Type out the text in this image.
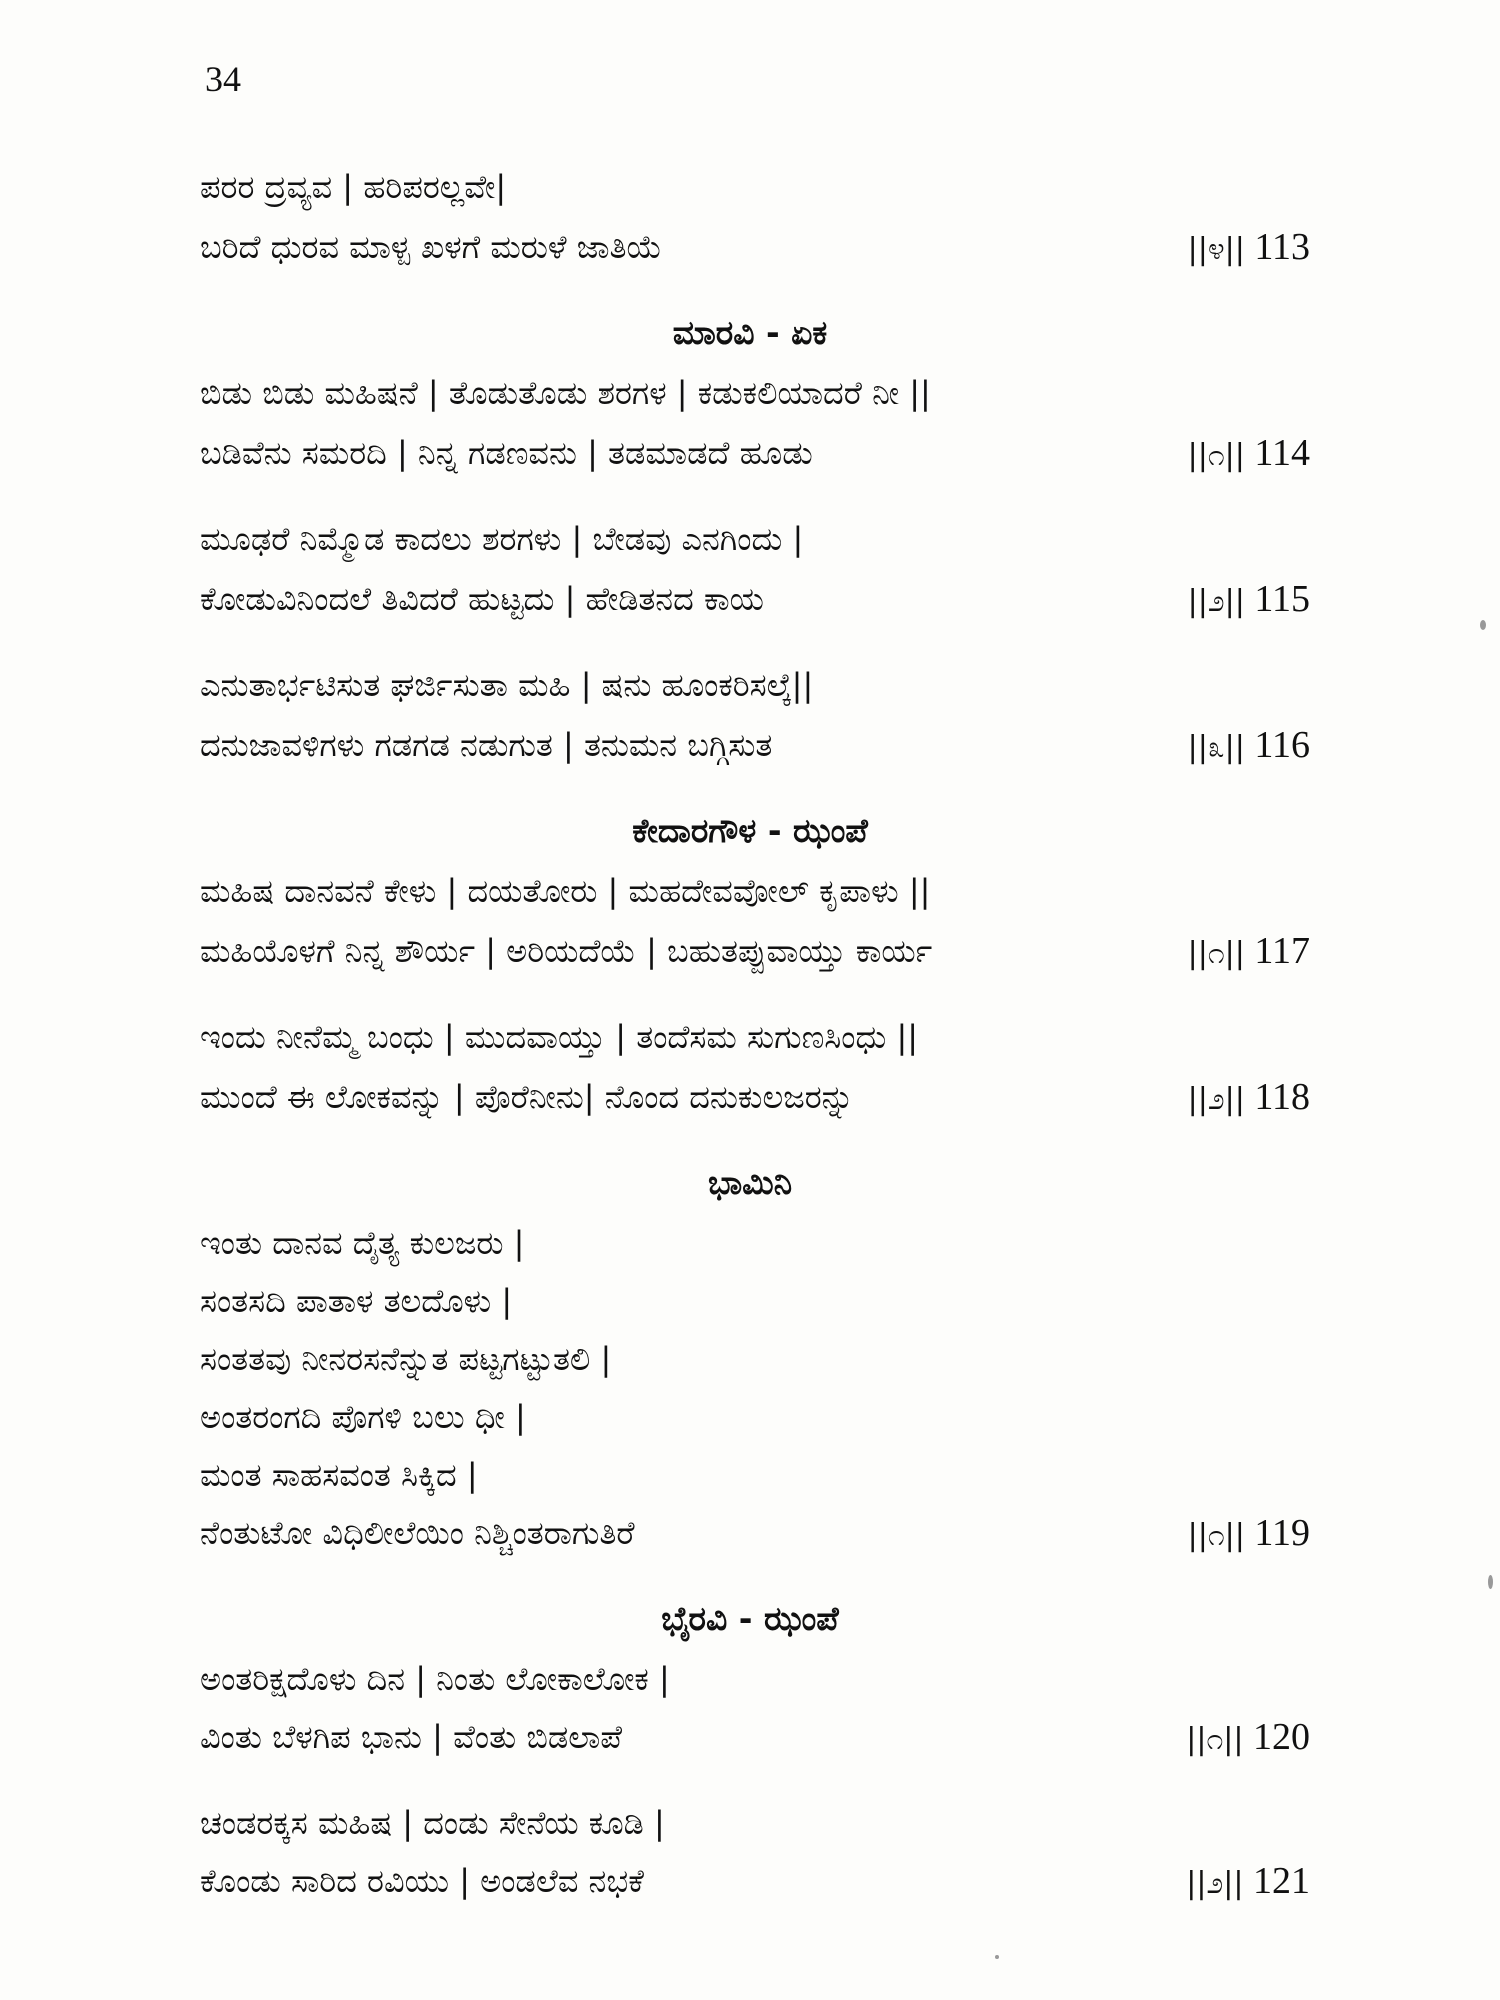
34
ಪರರ ದ್ರವ್ಯವ | ಹರಿಪರಲ್ಲವೇ|
ಬರಿದೆ ಧುರವ ಮಾಳ್ಪ ಖಳಗೆ ಮರುಳೆ ಜಾತಿಯೆ	||೪|| 113
ಮಾರವಿ - ಏಕ
ಬಿಡು ಬಿಡು ಮಹಿಷನೆ | ತೊಡುತೊಡು ಶರಗಳ | ಕಡುಕಲಿಯಾದರೆ ನೀ ||
ಬಡಿವೆನು ಸಮರದಿ | ನಿನ್ನ ಗಡಣವನು | ತಡಮಾಡದೆ ಹೂಡು	||೧|| 114
ಮೂಢರೆ ನಿಮ್ಮೊಡ ಕಾದಲು ಶರಗಳು | ಬೇಡವು ಎನಗಿಂದು |
ಕೋಡುವಿನಿಂದಲೆ ತಿವಿದರೆ ಹುಟ್ಟದು | ಹೇಡಿತನದ ಕಾಯ	||೨|| 115
ಎನುತಾರ್ಭಟಿಸುತ ಘರ್ಜಿಸುತಾ ಮಹಿ | ಷನು ಹೂಂಕರಿಸಲ್ಕೆ||
ದನುಜಾವಳಿಗಳು ಗಡಗಡ ನಡುಗುತ | ತನುಮನ ಬಗ್ಗಿಸುತ	||೩|| 116
ಕೇದಾರಗೌಳ - ಝಂಪೆ
ಮಹಿಷ ದಾನವನೆ ಕೇಳು | ದಯತೋರು | ಮಹದೇವವೋಲ್ ಕೃಪಾಳು ||
ಮಹಿಯೊಳಗೆ ನಿನ್ನ ಶೌರ್ಯ | ಅರಿಯದೆಯೆ | ಬಹುತಪ್ಪುವಾಯ್ತು ಕಾರ್ಯ	||೧|| 117
ಇಂದು ನೀನೆಮ್ಮ ಬಂಧು | ಮುದವಾಯ್ತು | ತಂದೆಸಮ ಸುಗುಣಸಿಂಧು ||
ಮುಂದೆ ಈ ಲೋಕವನ್ನು | ಪೊರೆನೀನು| ನೊಂದ ದನುಕುಲಜರನ್ನು	||೨|| 118
ಭಾಮಿನಿ
ಇಂತು ದಾನವ ದೈತ್ಯ ಕುಲಜರು |
ಸಂತಸದಿ ಪಾತಾಳ ತಲದೊಳು |
ಸಂತತವು ನೀನರಸನೆನ್ನುತ ಪಟ್ಟಗಟ್ಟುತಲಿ |
ಅಂತರಂಗದಿ ಪೊಗಳಿ ಬಲು ಧೀ |
ಮಂತ ಸಾಹಸವಂತ ಸಿಕ್ಕಿದ |
ನೆಂತುಟೋ ವಿಧಿಲೀಲೆಯಿಂ ನಿಶ್ಚಿಂತರಾಗುತಿರೆ	||೧|| 119
ಭೈರವಿ - ಝಂಪೆ
ಅಂತರಿಕ್ಷದೊಳು ದಿನ | ನಿಂತು ಲೋಕಾಲೋಕ |
ವಿಂತು ಬೆಳಗಿಪ ಭಾನು | ವೆಂತು ಬಿಡಲಾಪೆ	||೧|| 120
ಚಂಡರಕ್ಕಸ ಮಹಿಷ | ದಂಡು ಸೇನೆಯ ಕೂಡಿ |
ಕೊಂಡು ಸಾರಿದ ರವಿಯು | ಅಂಡಲೆವ ನಭಕೆ	||೨|| 121
